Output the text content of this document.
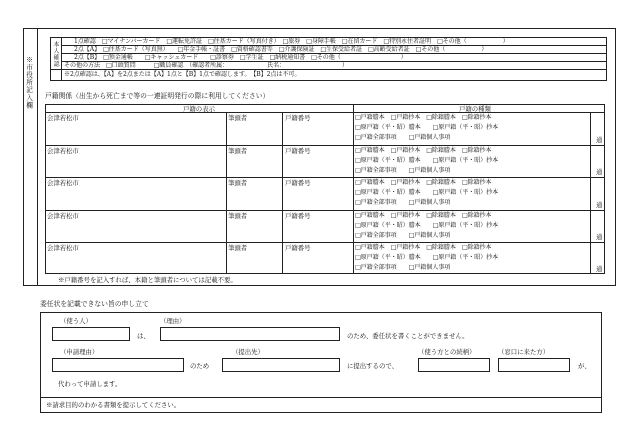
※市役所記入欄
本人確認 1点確認　□マイナンバーカード　□運転免許証　□住基カード（写真付き）　□旅券　□身障手帳　□在留カード　□特別永住者証明　□その他（　　　　　　）
2点【A】　□住基カード（写真無）　　□年金手帳・証書　□資格確認書等　□介護保険証　□生保受給者証　□高齢受給者証　□その他（　　　　　　）
2点【B】　□預金通帳　　□キャッシュカード　　□診察券　□学生証　□納税通知書　□その他（　　　　　　　　　　）
その他の方法　□口頭質問　　　□職員確認　（確認者所属：　　　　　　　氏名：　　　　　　　　　　）
※2点確認は、【A】を2点または【A】1点と【B】1点で確認します。　【B】2点は不可。
戸籍関係（出生から死亡まで等の一連証明発行の際に利用してください）
戸籍の表示	戸籍の種類
会津若松市	筆頭者	戸籍番号	□戸籍謄本　□戸籍抄本　□除籍謄本　□除籍抄本
□原戸籍（平・昭）謄本　　□原戸籍（平・昭）抄本
□戸籍全部事項　　□戸籍個人事項	通
会津若松市	筆頭者	戸籍番号	□戸籍謄本　□戸籍抄本　□除籍謄本　□除籍抄本
□原戸籍（平・昭）謄本　　□原戸籍（平・昭）抄本
□戸籍全部事項　　□戸籍個人事項	通
会津若松市	筆頭者	戸籍番号	□戸籍謄本　□戸籍抄本　□除籍謄本　□除籍抄本
□原戸籍（平・昭）謄本　　□原戸籍（平・昭）抄本
□戸籍全部事項　　□戸籍個人事項	通
会津若松市	筆頭者	戸籍番号	□戸籍謄本　□戸籍抄本　□除籍謄本　□除籍抄本
□原戸籍（平・昭）謄本　　□原戸籍（平・昭）抄本
□戸籍全部事項　　□戸籍個人事項	通
会津若松市	筆頭者	戸籍番号	□戸籍謄本　□戸籍抄本　□除籍謄本　□除籍抄本
□原戸籍（平・昭）謄本　　□原戸籍（平・昭）抄本
□戸籍全部事項　　□戸籍個人事項	通
※戸籍番号を記入すれば、本籍と筆頭者については記載不要。
委任状を記載できない旨の申し立て
（使う人）
は、
（理由）
のため、委任状を書くことができません。
（申請理由）
のため
（提出先）
に提出するので、
（使う方との続柄）	（窓口に来た方）
が、
代わって申請します。
※請求目的のわかる書類を提示してください。
